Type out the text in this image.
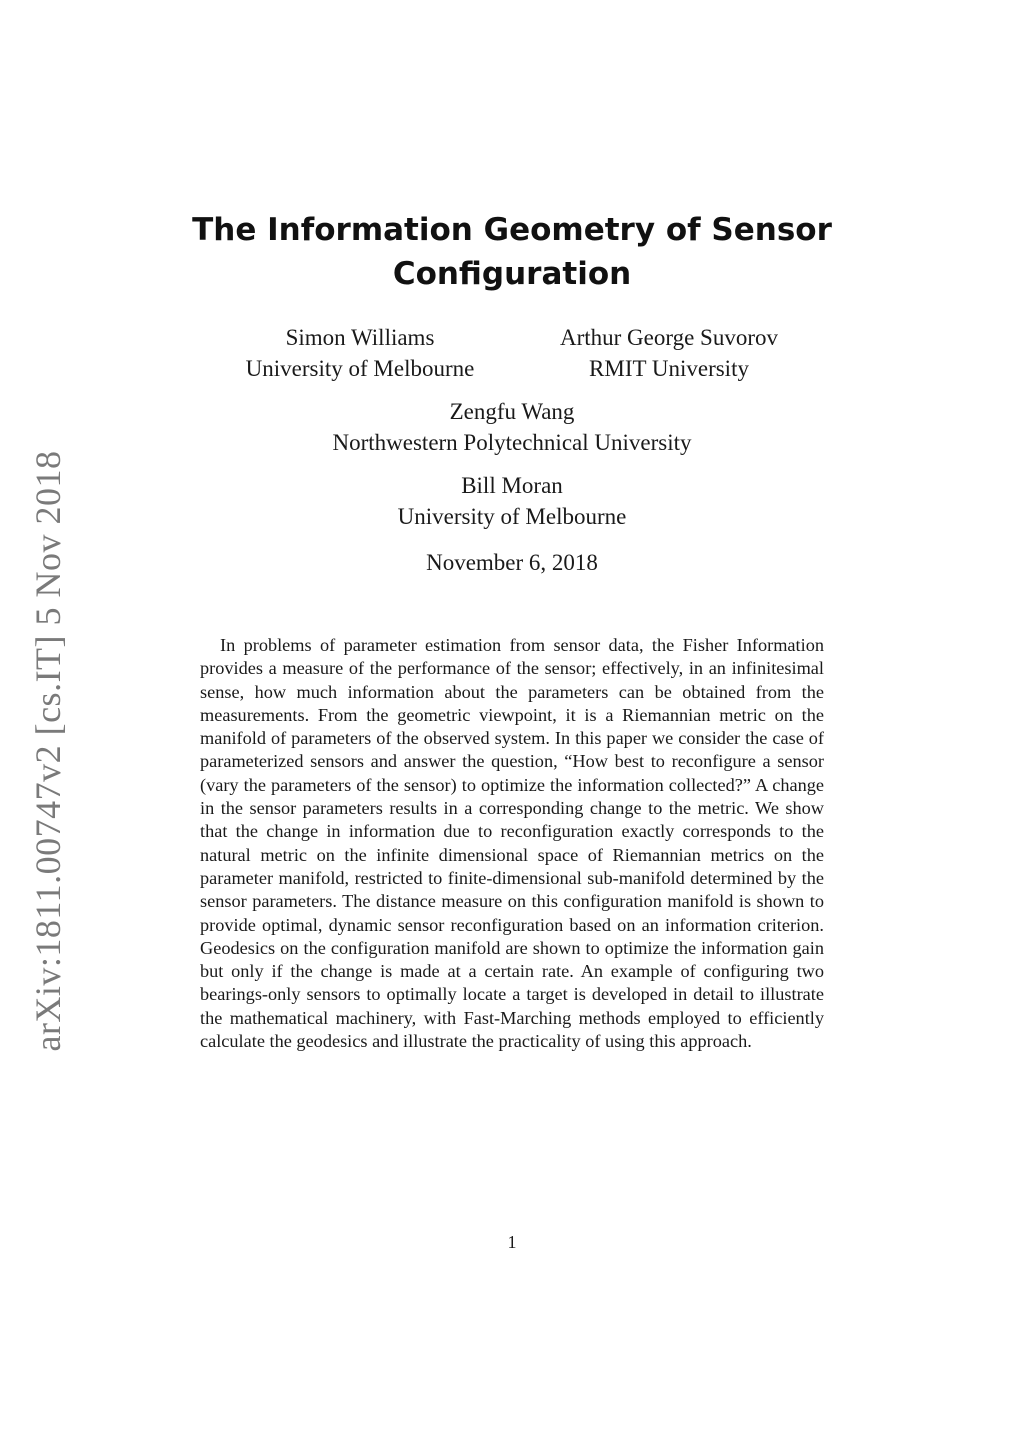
arXiv:1811.00747v2 [cs.IT] 5 Nov 2018
The Information Geometry of Sensor Configuration
Simon Williams
University of Melbourne
Arthur George Suvorov
RMIT University
Zengfu Wang
Northwestern Polytechnical University
Bill Moran
University of Melbourne
November 6, 2018

In problems of parameter estimation from sensor data, the Fisher Information provides a measure of the performance of the sensor; effectively, in an infinitesimal sense, how much information about the parameters can be obtained from the measurements. From the geometric viewpoint, it is a Riemannian metric on the manifold of parameters of the observed system. In this paper we consider the case of parameterized sensors and answer the question, “How best to reconfigure a sensor (vary the parameters of the sensor) to optimize the information collected?” A change in the sensor parameters results in a corresponding change to the metric. We show that the change in information due to reconfiguration exactly corresponds to the natural metric on the infinite dimensional space of Riemannian metrics on the parameter manifold, restricted to finite-dimensional sub-manifold determined by the sensor parameters. The distance measure on this configuration manifold is shown to provide optimal, dynamic sensor reconfiguration based on an information criterion. Geodesics on the configuration manifold are shown to optimize the information gain but only if the change is made at a certain rate. An example of configuring two bearings-only sensors to optimally locate a target is developed in detail to illustrate the mathematical machinery, with Fast-Marching methods employed to efficiently calculate the geodesics and illustrate the practicality of using this approach.

1
